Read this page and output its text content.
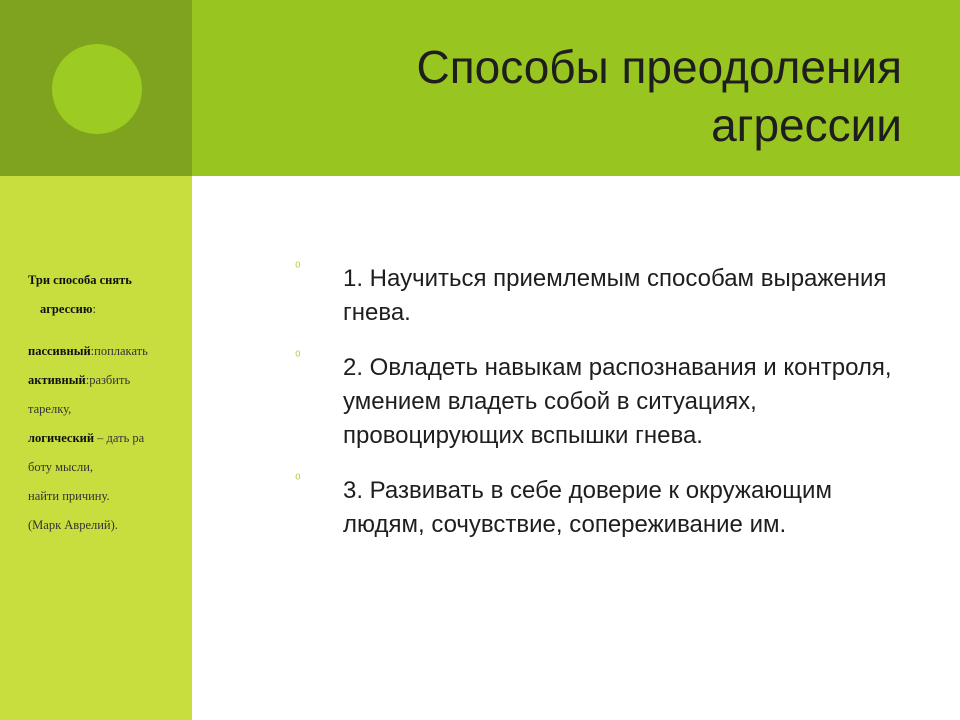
Способы преодоления
агрессии
Три способа снять
агрессию:
пассивный:поплакать
активный:разбить
тарелку,
логический – дать ра
боту мысли,
найти причину.
(Марк Аврелий).
⁰ 1. Научиться приемлемым способам выражения гнева.
⁰ 2. Овладеть навыкам распознавания и контроля, умением владеть собой в ситуациях, провоцирующих вспышки гнева.
⁰ 3. Развивать в себе доверие к окружающим людям, сочувствие, сопереживание им.
